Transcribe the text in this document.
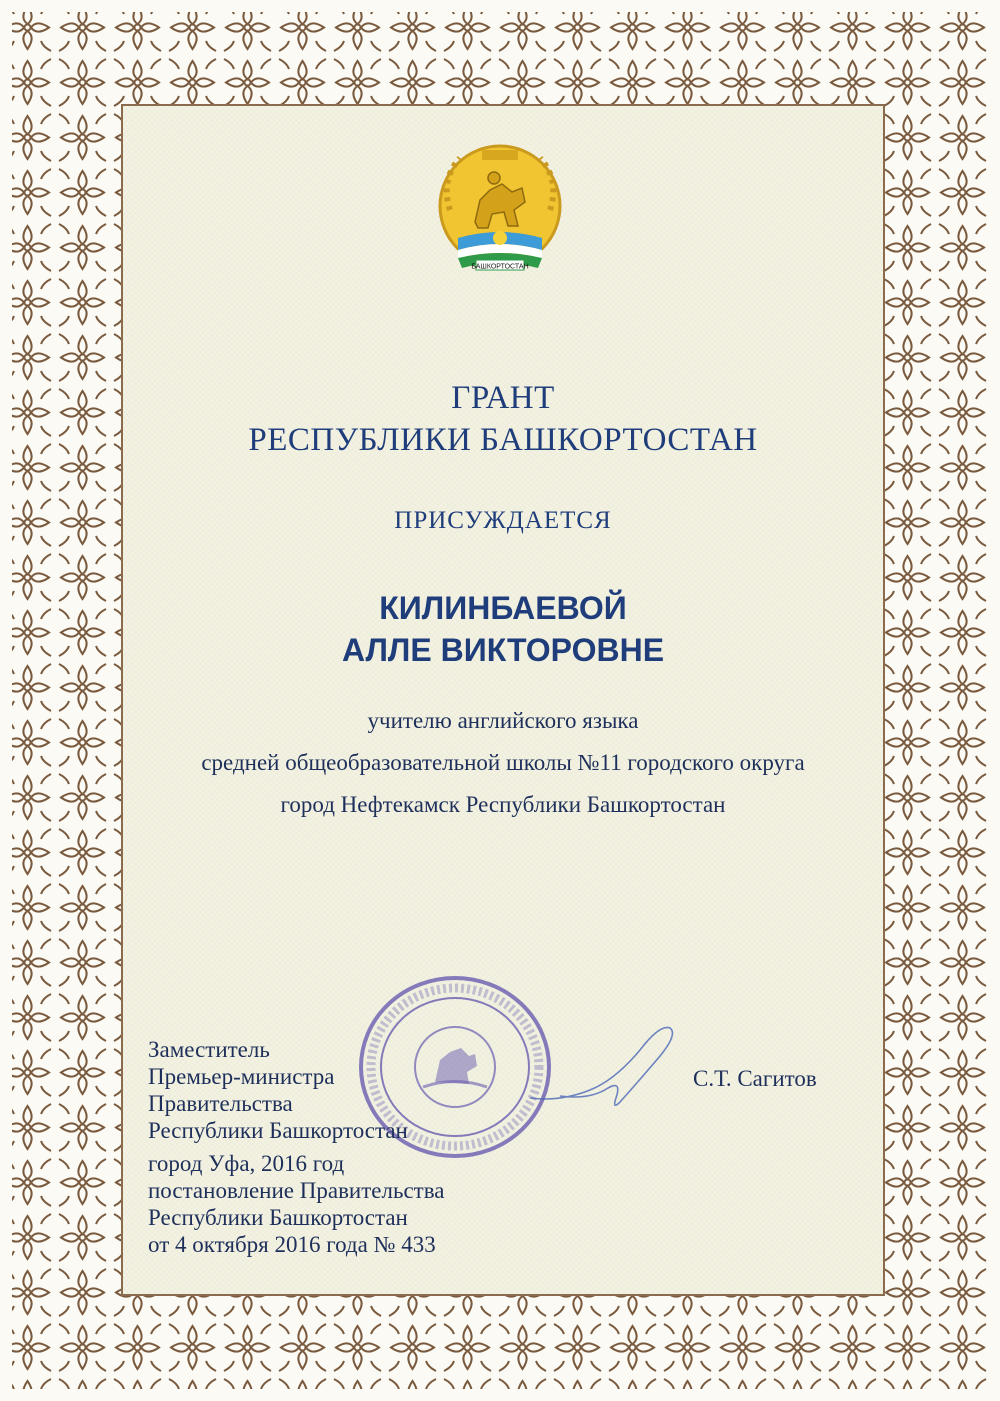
БАШКОРТОСТАН
ГРАНТ
РЕСПУБЛИКИ БАШКОРТОСТАН
ПРИСУЖДАЕТСЯ
КИЛИНБАЕВОЙ
АЛЛЕ ВИКТОРОВНЕ
учителю английского языка
средней общеобразовательной школы №11 городского округа
город Нефтекамск Республики Башкортостан
Заместитель
Премьер-министра
Правительства
Республики Башкортостан
С.Т. Сагитов
город Уфа, 2016 год
постановление Правительства
Республики Башкортостан
от 4 октября 2016 года № 433
